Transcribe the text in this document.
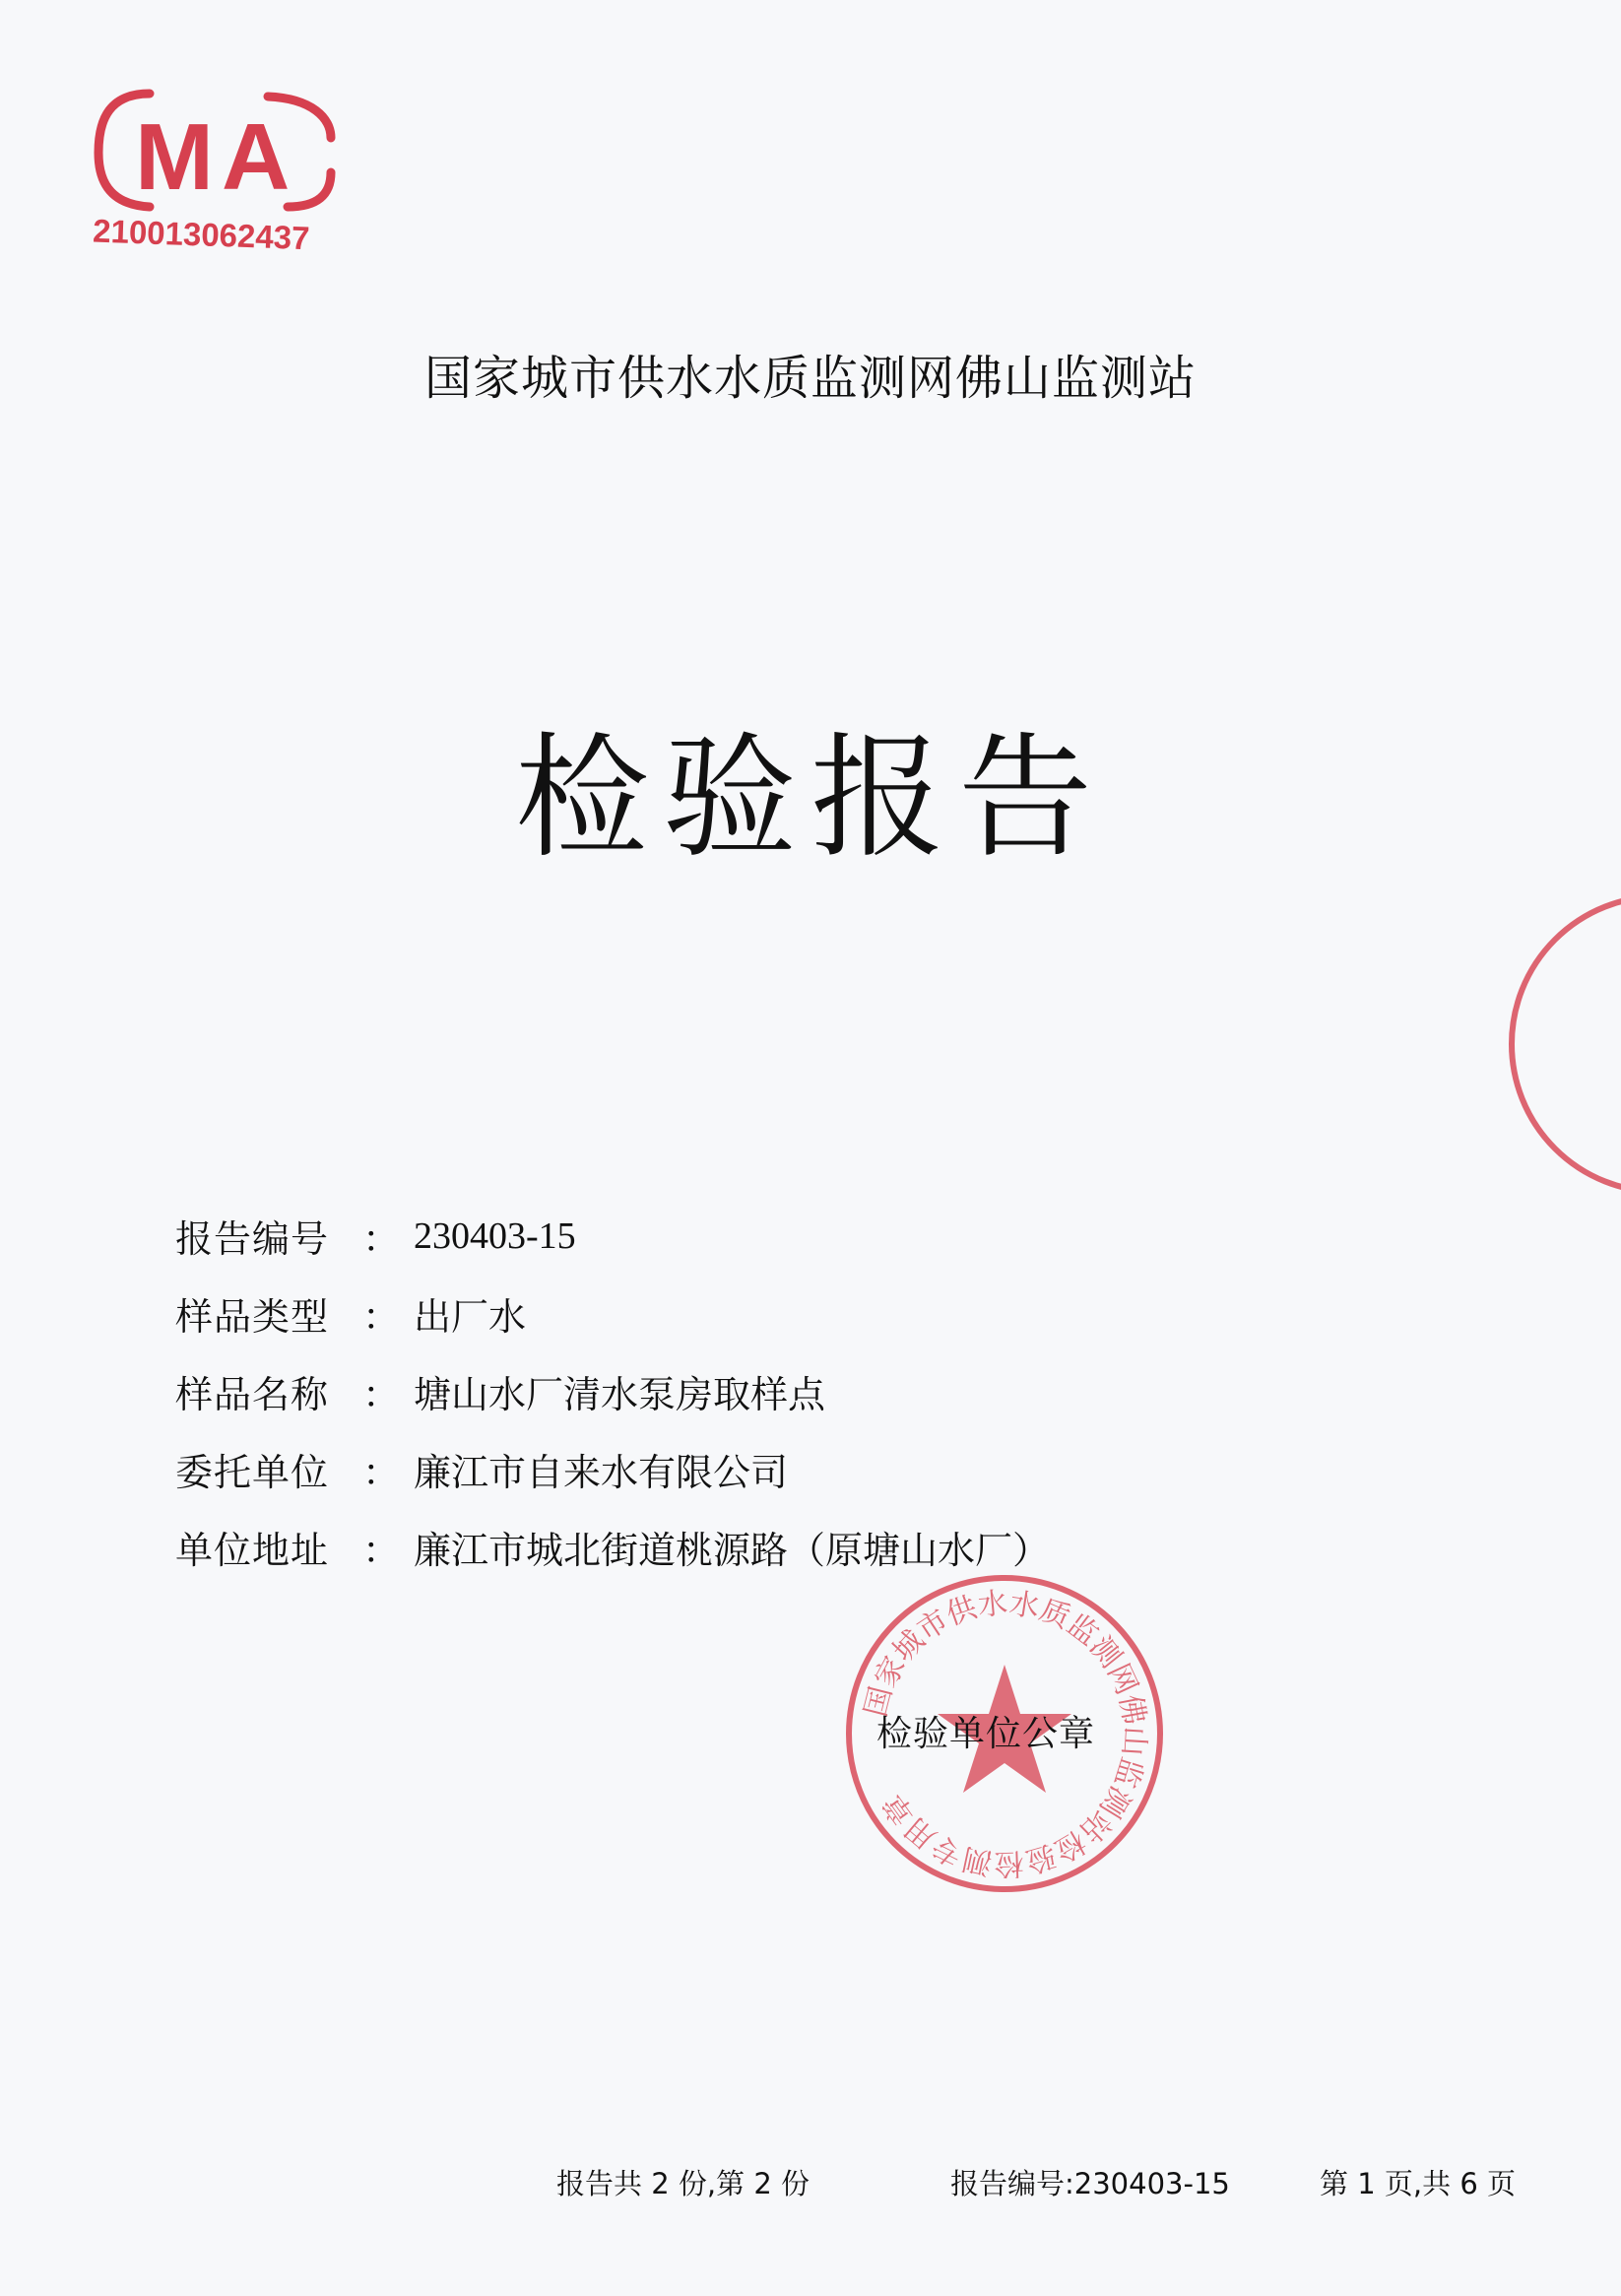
MA
210013062437
国家城市供水水质监测网佛山监测站
检验报告
报告编号 ： 230403-15
样品类型 ： 出厂水
样品名称 ： 塘山水厂清水泵房取样点
委托单位 ： 廉江市自来水有限公司
单位地址 ： 廉江市城北街道桃源路（原塘山水厂）
国家城市供水水质监测网佛山监测站检验检测专用章
检验单位公章
报告共 2 份,第 2 份	报告编号:230403-15	第 1 页,共 6 页
